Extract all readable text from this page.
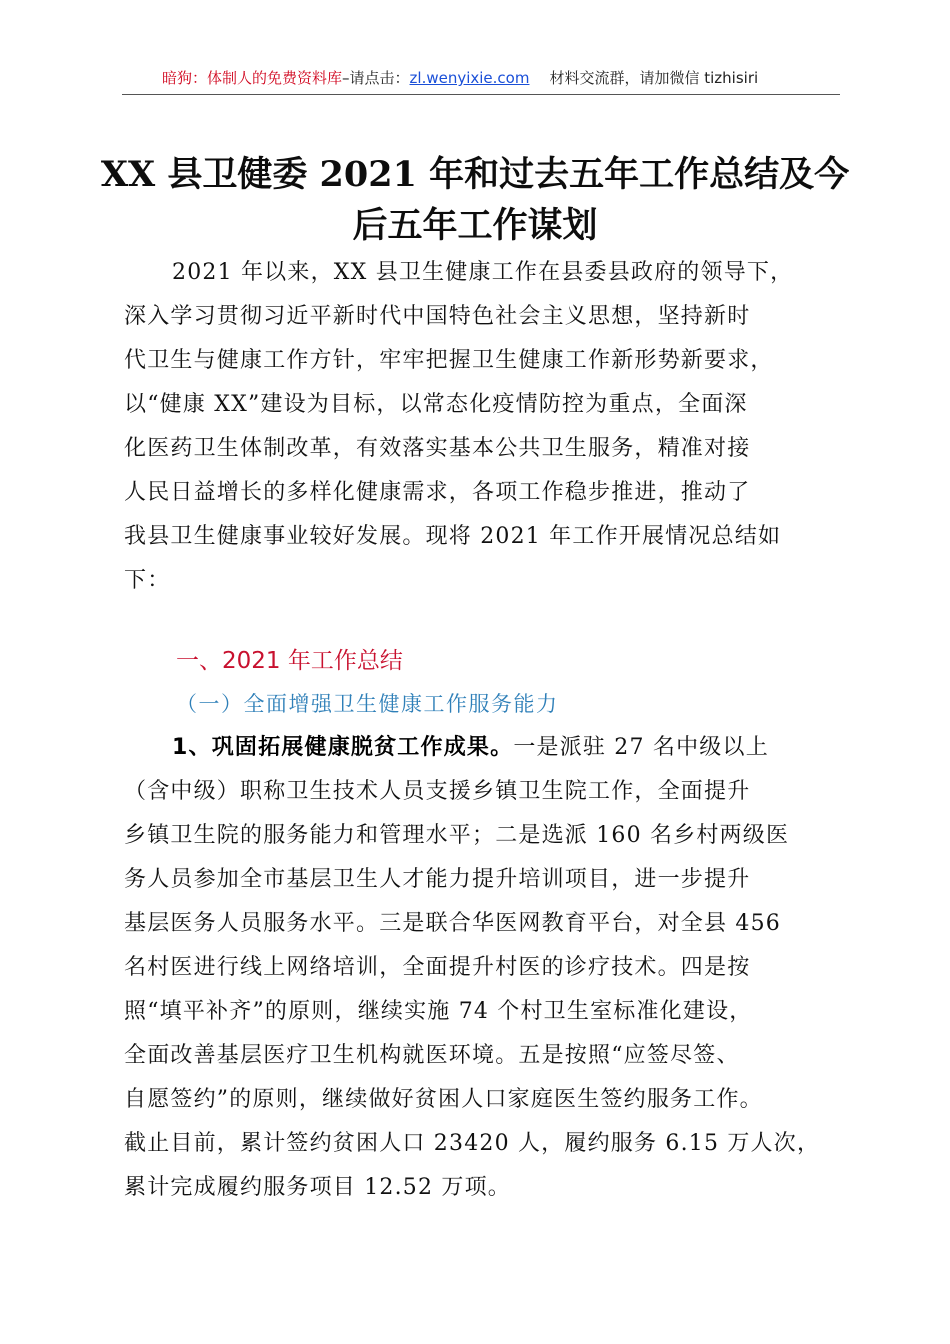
暗狗：体制人的免费资料库–请点击：zl.wenyixie.com 材料交流群，请加微信 tizhisiri
XX 县卫健委 2021 年和过去五年工作总结及今
后五年工作谋划

2021 年以来，XX 县卫生健康工作在县委县政府的领导下，

深入学习贯彻习近平新时代中国特色社会主义思想，坚持新时

代卫生与健康工作方针，牢牢把握卫生健康工作新形势新要求，

以“健康 XX”建设为目标，以常态化疫情防控为重点，全面深

化医药卫生体制改革，有效落实基本公共卫生服务，精准对接

人民日益增长的多样化健康需求，各项工作稳步推进，推动了

我县卫生健康事业较好发展。现将 2021 年工作开展情况总结如

下：

一、2021 年工作总结

（一）全面增强卫生健康工作服务能力

1、巩固拓展健康脱贫工作成果。一是派驻 27 名中级以上

（含中级）职称卫生技术人员支援乡镇卫生院工作，全面提升

乡镇卫生院的服务能力和管理水平；二是选派 160 名乡村两级医

务人员参加全市基层卫生人才能力提升培训项目，进一步提升

基层医务人员服务水平。三是联合华医网教育平台，对全县 456

名村医进行线上网络培训，全面提升村医的诊疗技术。四是按

照“填平补齐”的原则，继续实施 74 个村卫生室标准化建设，

全面改善基层医疗卫生机构就医环境。五是按照“应签尽签、

自愿签约”的原则，继续做好贫困人口家庭医生签约服务工作。

截止目前，累计签约贫困人口 23420 人，履约服务 6.15 万人次，

累计完成履约服务项目 12.52 万项。
